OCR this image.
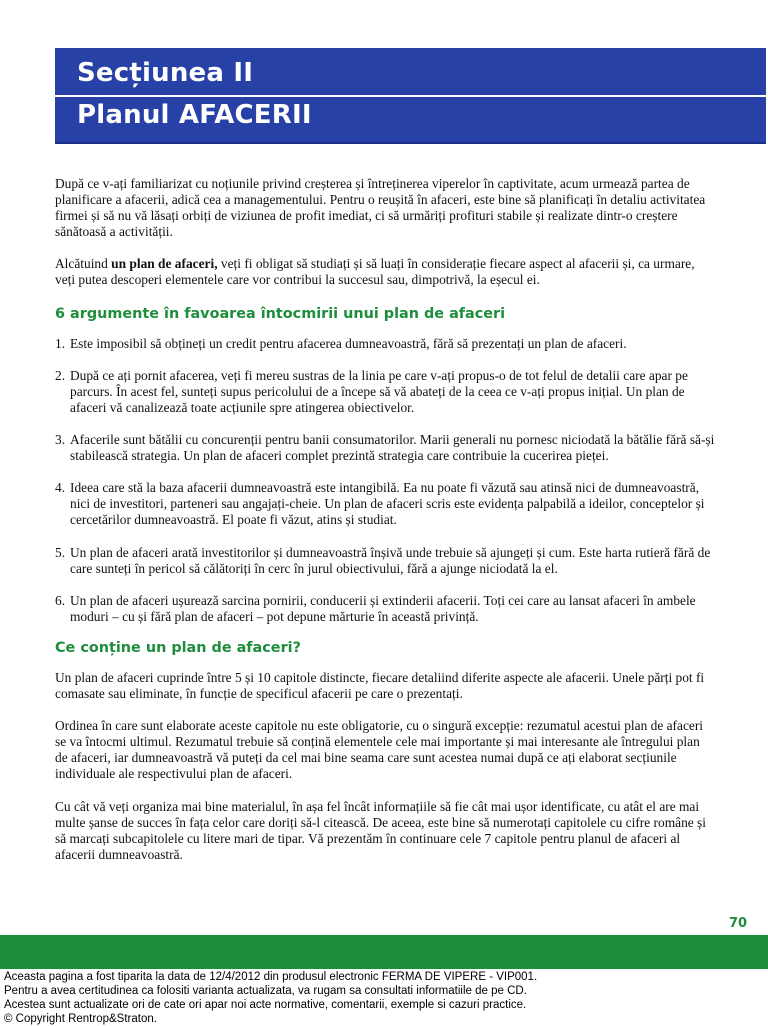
Secțiunea II
Planul AFACERII

După ce v-ați familiarizat cu noțiunile privind creșterea și întreținerea viperelor în captivitate, acum urmează partea de planificare a afacerii, adică cea a managementului. Pentru o reușită în afaceri, este bine să planificați în detaliu activitatea firmei și să nu vă lăsați orbiți de viziunea de profit imediat, ci să urmăriți profituri stabile și realizate dintr-o creștere sănătoasă a activității.

Alcătuind un plan de afaceri, veți fi obligat să studiați și să luați în considerație fiecare aspect al afacerii și, ca urmare, veți putea descoperi elementele care vor contribui la succesul sau, dimpotrivă, la eșecul ei.

6 argumente în favoarea întocmirii unui plan de afaceri
1. Este imposibil să obțineți un credit pentru afacerea dumneavoastră, fără să prezentați un plan de afaceri.
2. După ce ați pornit afacerea, veți fi mereu sustras de la linia pe care v-ați propus-o de tot felul de detalii care apar pe parcurs. În acest fel, sunteți supus pericolului de a începe să vă abateți de la ceea ce v-ați propus inițial. Un plan de afaceri vă canalizează toate acțiunile spre atingerea obiectivelor.
3. Afacerile sunt bătălii cu concurenții pentru banii consumatorilor. Marii generali nu pornesc niciodată la bătălie fără să-și stabilească strategia. Un plan de afaceri complet prezintă strategia care contribuie la cucerirea pieței.
4. Ideea care stă la baza afacerii dumneavoastră este intangibilă. Ea nu poate fi văzută sau atinsă nici de dumneavoastră, nici de investitori, parteneri sau angajați-cheie. Un plan de afaceri scris este evidența palpabilă a ideilor, conceptelor și cercetărilor dumneavoastră. El poate fi văzut, atins și studiat.
5. Un plan de afaceri arată investitorilor și dumneavoastră înșivă unde trebuie să ajungeți și cum. Este harta rutieră fără de care sunteți în pericol să călătoriți în cerc în jurul obiectivului, fără a ajunge niciodată la el.
6. Un plan de afaceri ușurează sarcina pornirii, conducerii și extinderii afacerii. Toți cei care au lansat afaceri în ambele moduri – cu și fără plan de afaceri – pot depune mărturie în această privință.
Ce conține un plan de afaceri?

Un plan de afaceri cuprinde între 5 și 10 capitole distincte, fiecare detaliind diferite aspecte ale afacerii. Unele părți pot fi comasate sau eliminate, în funcție de specificul afacerii pe care o prezentați.

Ordinea în care sunt elaborate aceste capitole nu este obligatorie, cu o singură excepție: rezumatul acestui plan de afaceri se va întocmi ultimul. Rezumatul trebuie să conțină elementele cele mai importante și mai interesante ale întregului plan de afaceri, iar dumneavoastră vă puteți da cel mai bine seama care sunt acestea numai după ce ați elaborat secțiunile individuale ale respectivului plan de afaceri.

Cu cât vă veți organiza mai bine materialul, în așa fel încât informațiile să fie cât mai ușor identificate, cu atât el are mai multe șanse de succes în fața celor care doriți să-l citească. De aceea, este bine să numerotați capitolele cu cifre române și să marcați subcapitolele cu litere mari de tipar. Vă prezentăm în continuare cele 7 capitole pentru planul de afaceri al afacerii dumneavoastră.

70
Aceasta pagina a fost tiparita la data de 12/4/2012 din produsul electronic FERMA DE VIPERE - VIP001.
Pentru a avea certitudinea ca folositi varianta actualizata, va rugam sa consultati informatiile de pe CD.
Acestea sunt actualizate ori de cate ori apar noi acte normative, comentarii, exemple si cazuri practice.
© Copyright Rentrop&Straton.
